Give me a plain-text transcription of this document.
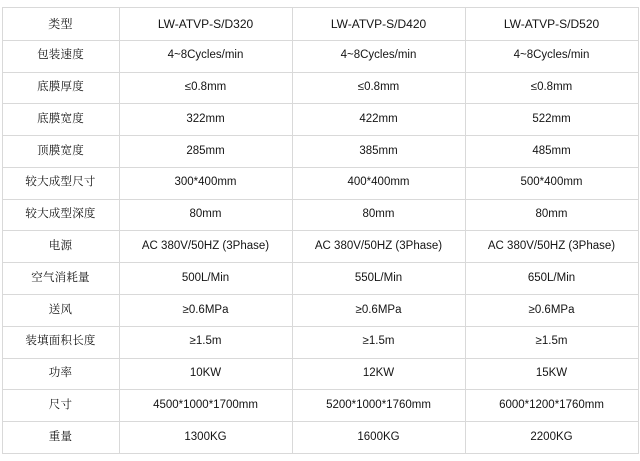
类型	LW-ATVP-S/D320	LW-ATVP-S/D420	LW-ATVP-S/D520
包装速度	4~8Cycles/min	4~8Cycles/min	4~8Cycles/min
底膜厚度	≤0.8mm	≤0.8mm	≤0.8mm
底膜宽度	322mm	422mm	522mm
顶膜宽度	285mm	385mm	485mm
较大成型尺寸	300*400mm	400*400mm	500*400mm
较大成型深度	80mm	80mm	80mm
电源	AC 380V/50HZ (3Phase)	AC 380V/50HZ (3Phase)	AC 380V/50HZ (3Phase)
空气消耗量	500L/Min	550L/Min	650L/Min
送风	≥0.6MPa	≥0.6MPa	≥0.6MPa
装填面积长度	≥1.5m	≥1.5m	≥1.5m
功率	10KW	12KW	15KW
尺寸	4500*1000*1700mm	5200*1000*1760mm	6000*1200*1760mm
重量	1300KG	1600KG	2200KG
